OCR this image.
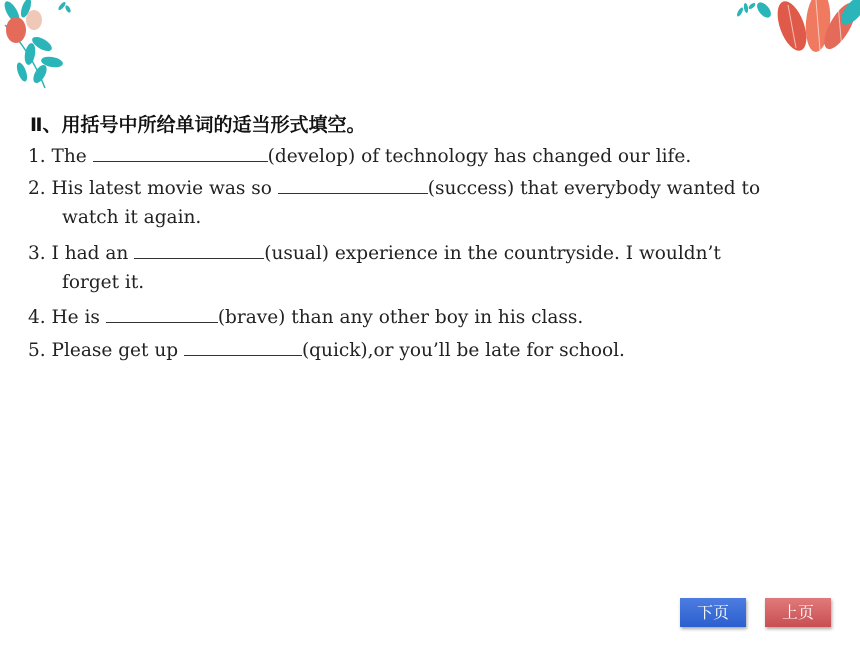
Ⅱ、用括号中所给单词的适当形式填空。
1. The	(develop) of technology has changed our life.
2. His latest movie was so	(success) that everybody wanted to
watch it again.
3. I had an	(usual) experience in the countryside. I wouldn’t
forget it.
4. He is	(brave) than any other boy in his class.
5. Please get up	(quick),or you’ll be late for school.
下页	上页
